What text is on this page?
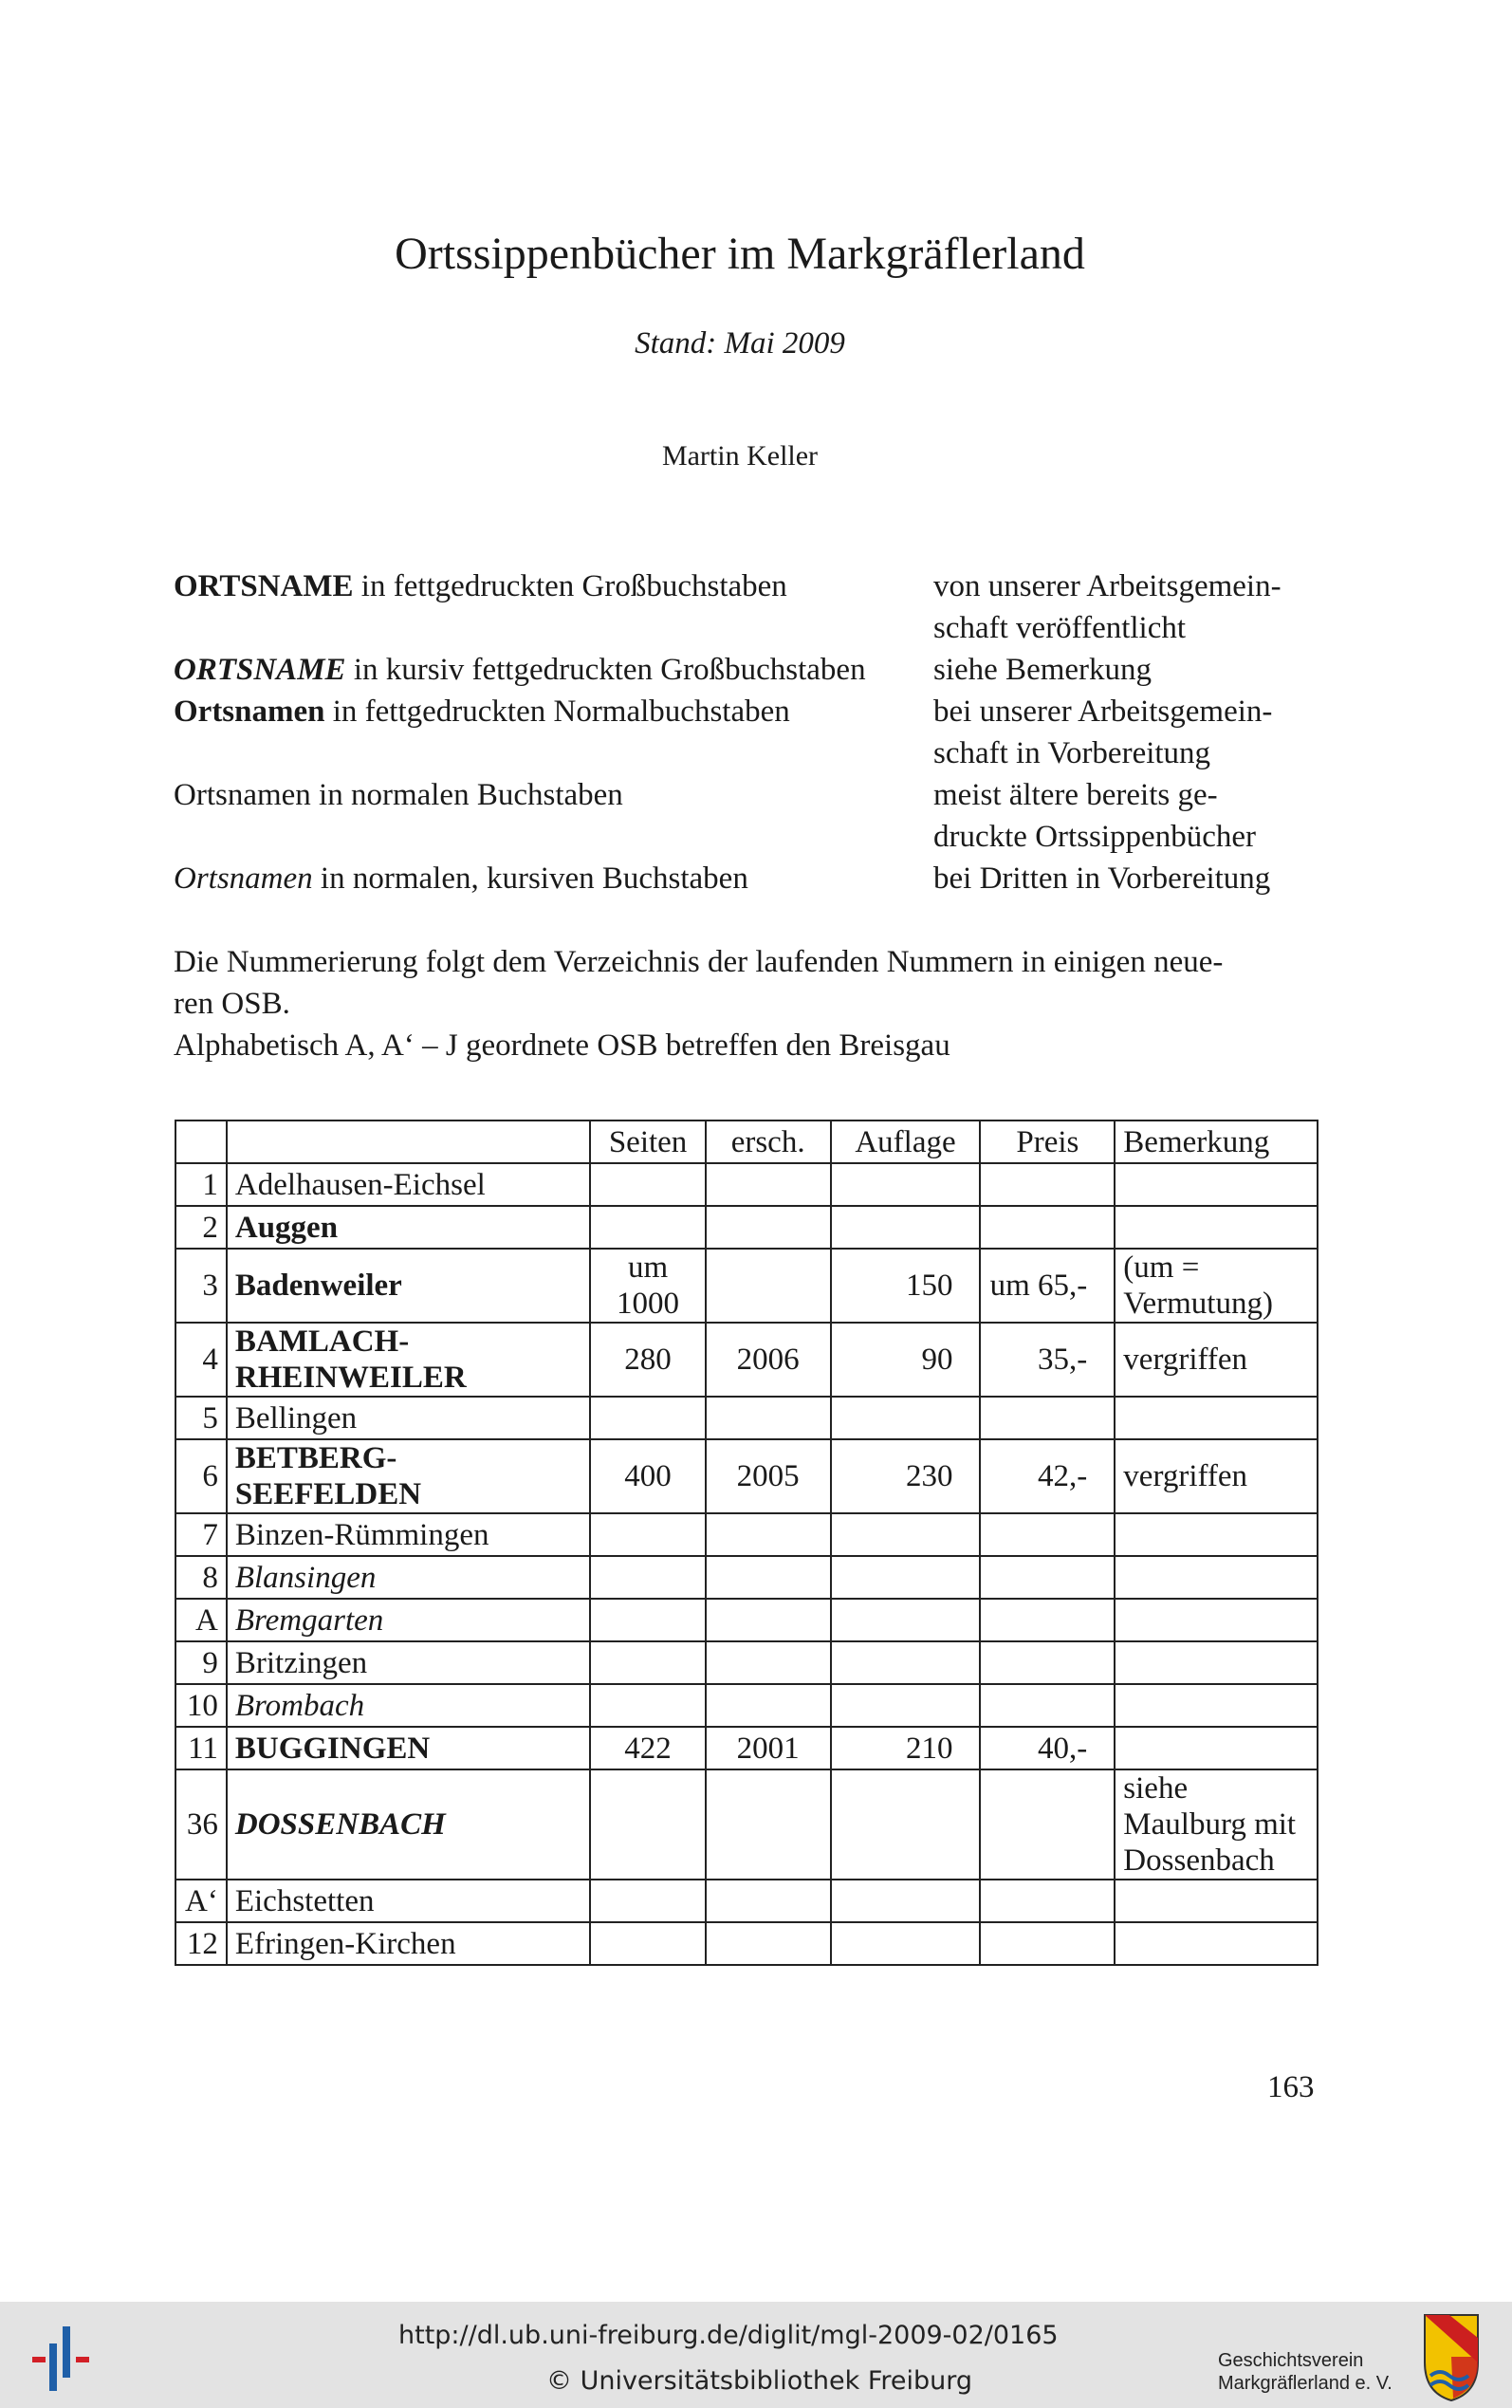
Ortssippenbücher im Markgräflerland
Stand: Mai 2009
Martin Keller
ORTSNAME in fettgedruckten Großbuchstaben	von unserer Arbeitsgemein-
schaft veröffentlicht
ORTSNAME in kursiv fettgedruckten Großbuchstaben siehe Bemerkung
Ortsnamen in fettgedruckten Normalbuchstaben	bei unserer Arbeitsgemein-
schaft in Vorbereitung
Ortsnamen in normalen Buchstaben	meist ältere bereits ge-
druckte Ortssippenbücher
Ortsnamen in normalen, kursiven Buchstaben	bei Dritten in Vorbereitung
Die Nummerierung folgt dem Verzeichnis der laufenden Nummern in einigen neue-
ren OSB.
Alphabetisch A, A‘ – J geordnete OSB betreffen den Breisgau
		Seiten	ersch.	Auflage	Preis	Bemerkung
1	Adelhausen-Eichsel					
2	Auggen					
3	Badenweiler	um 1000		150	um 65,-	(um = Vermutung)
4	BAMLACH-RHEINWEILER	280	2006	90	35,-	vergriffen
5	Bellingen					
6	BETBERG-SEEFELDEN	400	2005	230	42,-	vergriffen
7	Binzen-Rümmingen					
8	Blansingen					
A	Bremgarten					
9	Britzingen					
10	Brombach					
11	BUGGINGEN	422	2001	210	40,-	
36	DOSSENBACH					siehe Maulburg mit Dossenbach
A‘	Eichstetten					
12	Efringen-Kirchen					
163
http://dl.ub.uni-freiburg.de/diglit/mgl-2009-02/0165
© Universitätsbibliothek Freiburg
Geschichtsverein
Markgräflerland e. V.
